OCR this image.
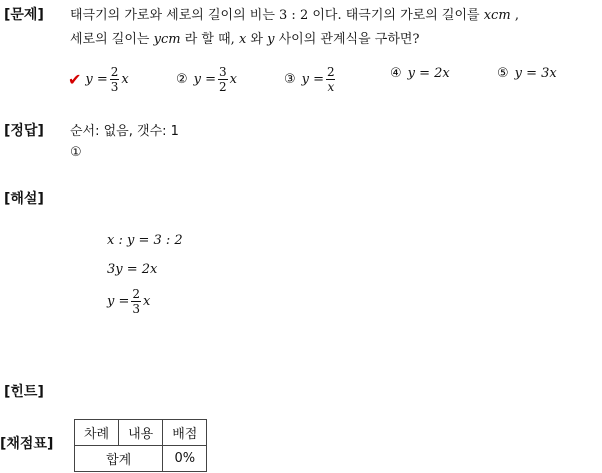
[문제] 태극기의 가로와 세로의 길이의 비는 3 : 2 이다. 태극기의 가로의 길이를 xcm ,
세로의 길이는 ycm 라 할 때, x 와 y 사이의 관계식을 구하면?
✔ $y = \frac{2}{3}$ x	② $y = \frac{3}{2}$ x	③ $y = \frac{2}{x}$	④ y = 2x	⑤ y = 3x
[정답] 순서: 없음, 갯수: 1
①
[해설]
x : y = 3 : 2
3y = 2x
$y = \frac{2}{3}$ x
[힌트]
[채점표]
차례	내용	배점
합계		0%
